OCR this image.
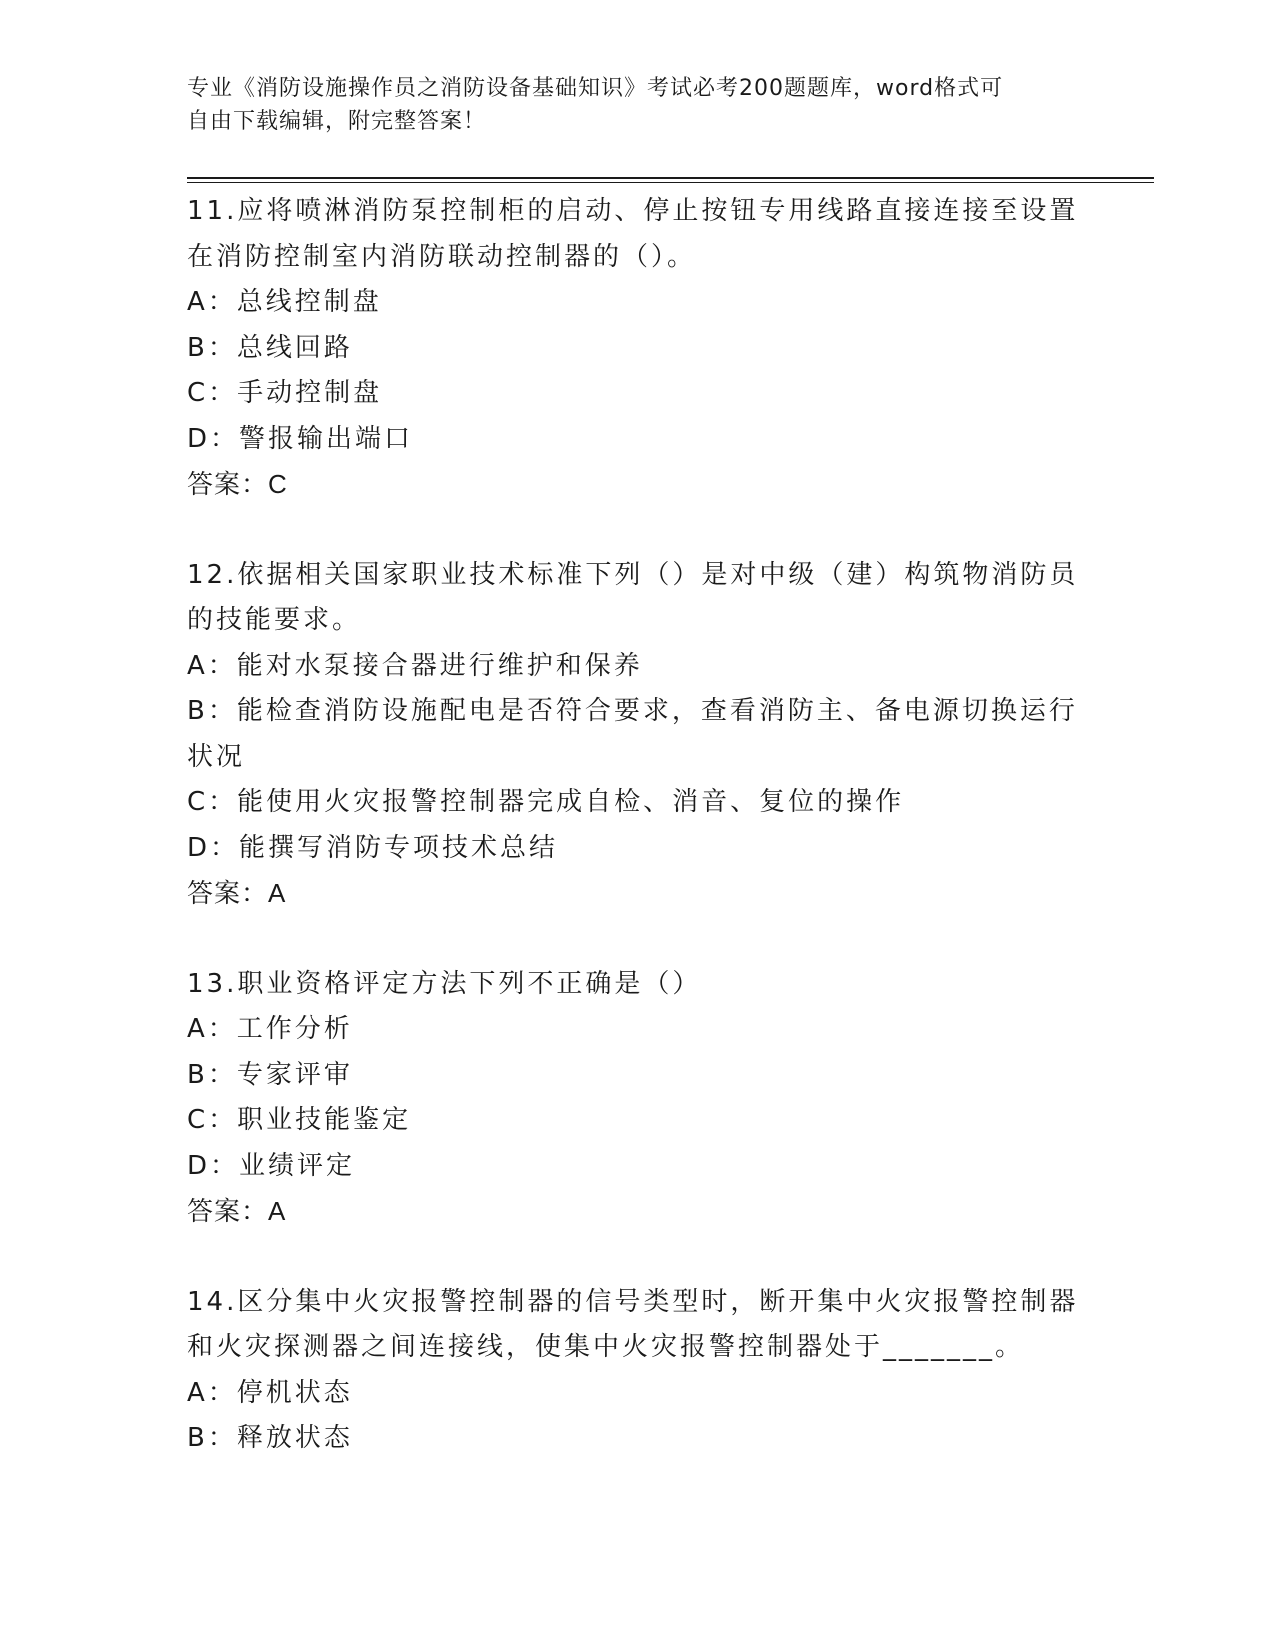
专业《消防设施操作员之消防设备基础知识》考试必考200题题库，word格式可
自由下载编辑，附完整答案！

11.应将喷淋消防泵控制柜的启动、停止按钮专用线路直接连接至设置在消防控制室内消防联动控制器的（）。

A：总线控制盘

B：总线回路

C：手动控制盘

D：警报输出端口

答案：C

12.依据相关国家职业技术标准下列（）是对中级（建）构筑物消防员的技能要求。

A：能对水泵接合器进行维护和保养

B：能检查消防设施配电是否符合要求，查看消防主、备电源切换运行状况

C：能使用火灾报警控制器完成自检、消音、复位的操作

D：能撰写消防专项技术总结

答案：A

13.职业资格评定方法下列不正确是（）

A：工作分析

B：专家评审

C：职业技能鉴定

D：业绩评定

答案：A

14.区分集中火灾报警控制器的信号类型时，断开集中火灾报警控制器和火灾探测器之间连接线，使集中火灾报警控制器处于_______。

A：停机状态

B：释放状态
